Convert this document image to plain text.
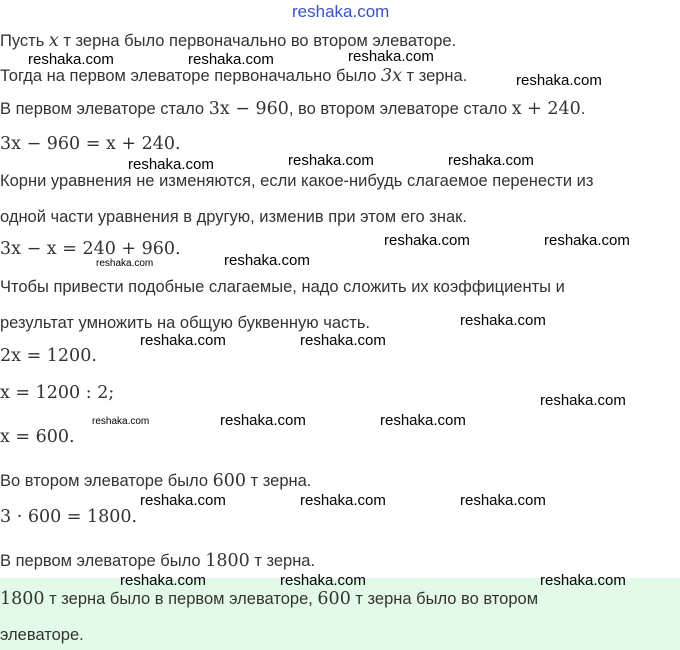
reshaka.com
Пусть x т зерна было первоначально во втором элеваторе.
Тогда на первом элеваторе первоначально было 3x т зерна.
В первом элеваторе стало 3x − 960, во втором элеваторе стало x + 240.
3x − 960 = x + 240.
Корни уравнения не изменяются, если какое-нибудь слагаемое перенести из
одной части уравнения в другую, изменив при этом его знак.
3x − x = 240 + 960.
Чтобы привести подобные слагаемые, надо сложить их коэффициенты и
результат умножить на общую буквенную часть.
2x = 1200.
x = 1200 : 2;
x = 600.
Во втором элеваторе было 600 т зерна.
3 · 600 = 1800.
В первом элеваторе было 1800 т зерна.
1800 т зерна было в первом элеваторе, 600 т зерна было во втором
элеваторе.
reshaka.com	reshaka.com	reshaka.com
reshaka.com
reshaka.com	reshaka.com	reshaka.com
reshaka.com	reshaka.com
reshaka.com	reshaka.com
reshaka.com
reshaka.com	reshaka.com
reshaka.com
reshaka.com	reshaka.com	reshaka.com
reshaka.com	reshaka.com	reshaka.com
reshaka.com	reshaka.com	reshaka.com
